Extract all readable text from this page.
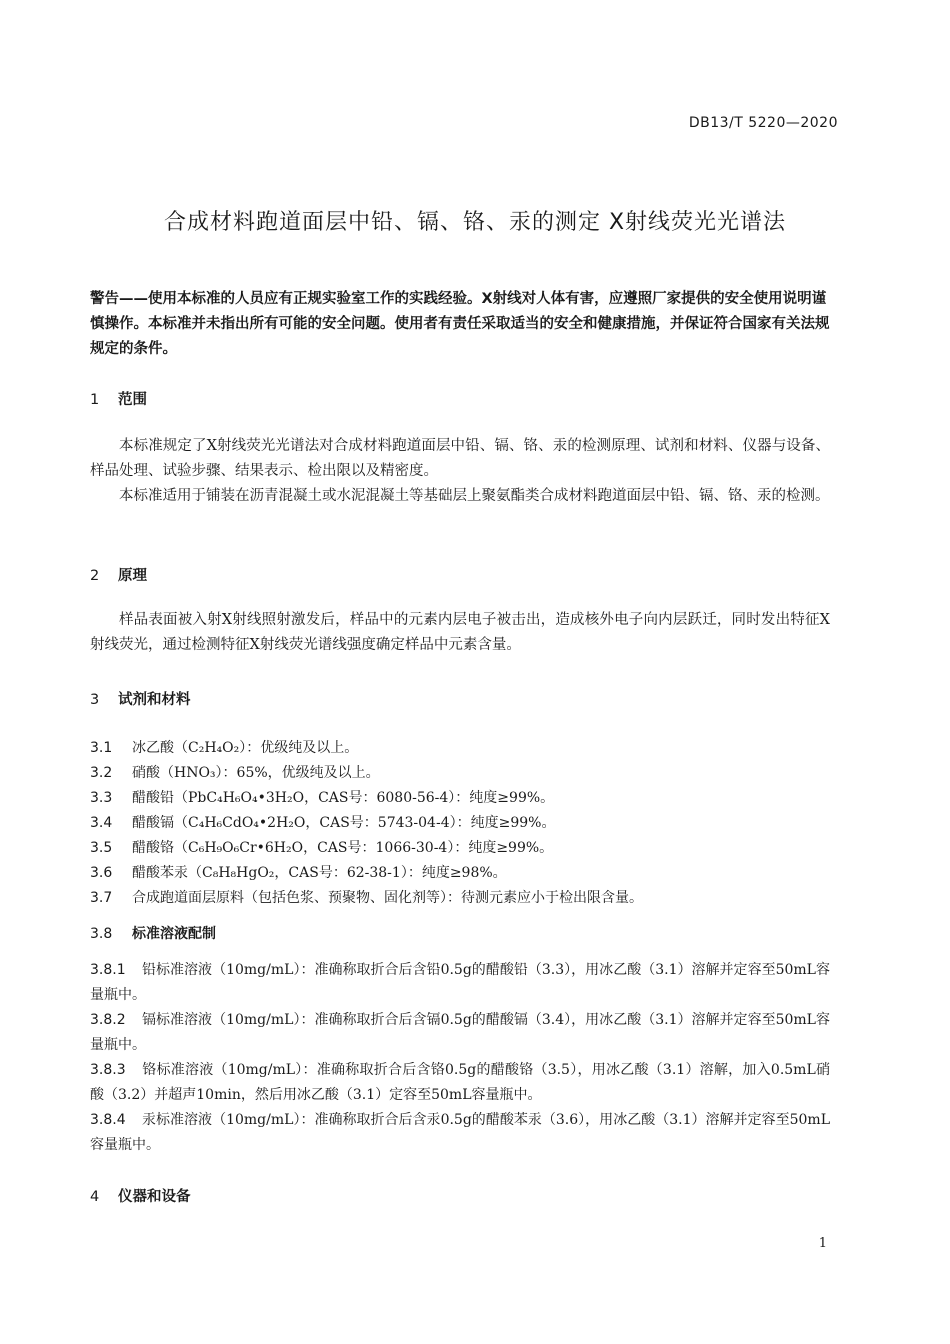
DB13/T 5220—2020
合成材料跑道面层中铅、镉、铬、汞的测定 X射线荧光光谱法
警告——使用本标准的人员应有正规实验室工作的实践经验。X射线对人体有害，应遵照厂家提供的安全使用说明谨慎操作。本标准并未指出所有可能的安全问题。使用者有责任采取适当的安全和健康措施，并保证符合国家有关法规规定的条件。
1 范围
本标准规定了X射线荧光光谱法对合成材料跑道面层中铅、镉、铬、汞的检测原理、试剂和材料、仪器与设备、样品处理、试验步骤、结果表示、检出限以及精密度。
本标准适用于铺装在沥青混凝土或水泥混凝土等基础层上聚氨酯类合成材料跑道面层中铅、镉、铬、汞的检测。
2 原理
样品表面被入射X射线照射激发后，样品中的元素内层电子被击出，造成核外电子向内层跃迁，同时发出特征X射线荧光，通过检测特征X射线荧光谱线强度确定样品中元素含量。
3 试剂和材料
3.1 冰乙酸（C₂H₄O₂）：优级纯及以上。
3.2 硝酸（HNO₃）：65%，优级纯及以上。
3.3 醋酸铅（PbC₄H₆O₄•3H₂O，CAS号：6080-56-4）：纯度≥99%。
3.4 醋酸镉（C₄H₆CdO₄•2H₂O，CAS号：5743-04-4）：纯度≥99%。
3.5 醋酸铬（C₆H₉O₆Cr•6H₂O，CAS号：1066-30-4）：纯度≥99%。
3.6 醋酸苯汞（C₈H₈HgO₂，CAS号：62-38-1）：纯度≥98%。
3.7 合成跑道面层原料（包括色浆、预聚物、固化剂等）：待测元素应小于检出限含量。
3.8 标准溶液配制
3.8.1 铅标准溶液（10mg/mL）：准确称取折合后含铅0.5g的醋酸铅（3.3），用冰乙酸（3.1）溶解并定容至50mL容量瓶中。
3.8.2 镉标准溶液（10mg/mL）：准确称取折合后含镉0.5g的醋酸镉（3.4），用冰乙酸（3.1）溶解并定容至50mL容量瓶中。
3.8.3 铬标准溶液（10mg/mL）：准确称取折合后含铬0.5g的醋酸铬（3.5），用冰乙酸（3.1）溶解，加入0.5mL硝酸（3.2）并超声10min，然后用冰乙酸（3.1）定容至50mL容量瓶中。
3.8.4 汞标准溶液（10mg/mL）：准确称取折合后含汞0.5g的醋酸苯汞（3.6），用冰乙酸（3.1）溶解并定容至50mL容量瓶中。
4 仪器和设备
1
